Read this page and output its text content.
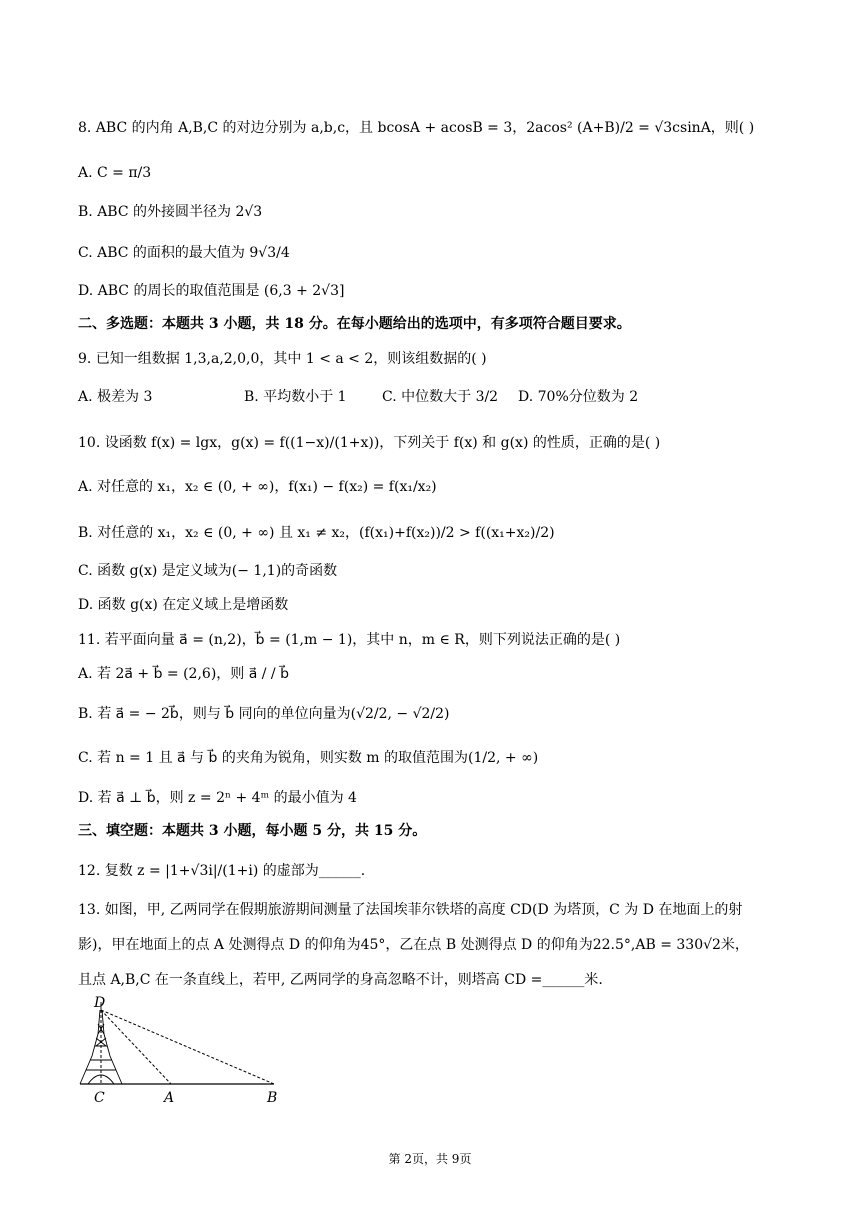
8. ABC 的内角 A,B,C 的对边分别为 a,b,c，且 bcosA + acosB = 3，2acos² (A+B)/2 = √3csinA，则( )
A. C = π/3
B. ABC 的外接圆半径为 2√3
C. ABC 的面积的最大值为 9√3/4
D. ABC 的周长的取值范围是 (6,3 + 2√3]
二、多选题：本题共 3 小题，共 18 分。在每小题给出的选项中，有多项符合题目要求。
9. 已知一组数据 1,3,a,2,0,0，其中 1 < a < 2，则该组数据的( )
A. 极差为 3	B. 平均数小于 1	C. 中位数大于 3/2 D. 70%分位数为 2
10. 设函数 f(x) = lgx，g(x) = f((1−x)/(1+x))，下列关于 f(x) 和 g(x) 的性质，正确的是( )
A. 对任意的 x₁，x₂ ∈ (0, + ∞)，f(x₁) − f(x₂) = f(x₁/x₂)
B. 对任意的 x₁，x₂ ∈ (0, + ∞) 且 x₁ ≠ x₂，(f(x₁)+f(x₂))/2 > f((x₁+x₂)/2)
C. 函数 g(x) 是定义域为(− 1,1)的奇函数
D. 函数 g(x) 在定义域上是增函数
11. 若平面向量 a⃗ = (n,2)，b⃗ = (1,m − 1)，其中 n，m ∈ R，则下列说法正确的是( )
A. 若 2a⃗ + b⃗ = (2,6)，则 a⃗ / / b⃗
B. 若 a⃗ = − 2b⃗，则与 b⃗ 同向的单位向量为(√2/2, − √2/2)
C. 若 n = 1 且 a⃗ 与 b⃗ 的夹角为锐角，则实数 m 的取值范围为(1/2, + ∞)
D. 若 a⃗ ⊥ b⃗，则 z = 2ⁿ + 4ᵐ 的最小值为 4
三、填空题：本题共 3 小题，每小题 5 分，共 15 分。
12. 复数 z = |1+√3i|/(1+i) 的虚部为______.
13. 如图，甲, 乙两同学在假期旅游期间测量了法国埃菲尔铁塔的高度 CD(D 为塔顶，C 为 D 在地面上的射
影)，甲在地面上的点 A 处测得点 D 的仰角为45°，乙在点 B 处测得点 D 的仰角为22.5°,AB = 330√2米，
且点 A,B,C 在一条直线上，若甲, 乙两同学的身高忽略不计，则塔高 CD =______米.
D
C	A	B
第 2页，共 9页
